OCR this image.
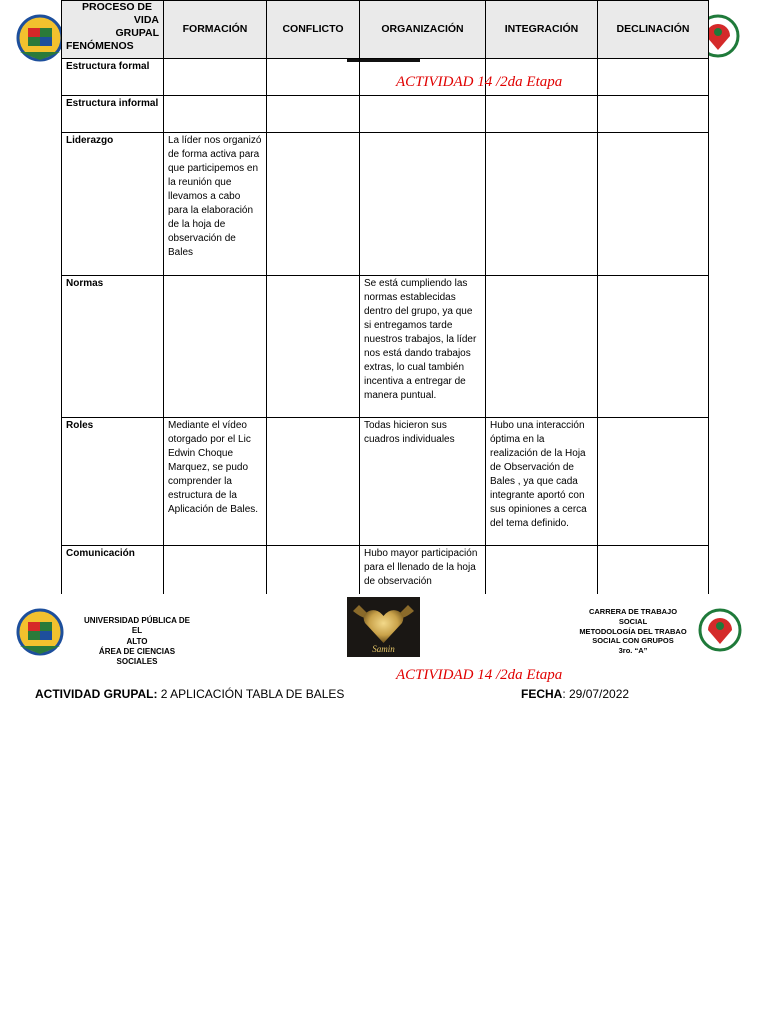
PROCESO DE
VIDA
GRUPAL
FENÓMENOS	FORMACIÓN	CONFLICTO	ORGANIZACIÓN	INTEGRACIÓN	DECLINACIÓN
Estructura formal					
Estructura informal					
Liderazgo	La líder nos organizó de forma activa para que participemos en la reunión que llevamos a cabo para la elaboración de la hoja de observación de Bales				
Normas			Se está cumpliendo las normas establecidas dentro del grupo, ya que si entregamos tarde nuestros trabajos, la líder nos está dando trabajos extras, lo cual también incentiva a entregar de manera puntual.		
Roles	Mediante el vídeo otorgado por el Lic Edwin Choque Marquez, se pudo comprender la estructura de la Aplicación de Bales.		Todas hicieron sus cuadros individuales	Hubo una interacción óptima en la realización de la Hoja de Observación de Bales , ya que cada integrante aportó con sus opiniones a cerca del tema definido.	
Comunicación			Hubo mayor participación para el llenado de la hoja de observación		
ACTIVIDAD 14 /2da Etapa
UNIVERSIDAD PÚBLICA DE EL
ALTO
ÁREA DE CIENCIAS SOCIALES
Samin
CARRERA DE TRABAJO SOCIAL
METODOLOGÍA DEL TRABAO
SOCIAL CON GRUPOS
3ro. “A”
ACTIVIDAD 14 /2da Etapa
ACTIVIDAD GRUPAL: 2 APLICACIÓN TABLA DE BALES	FECHA: 29/07/2022
